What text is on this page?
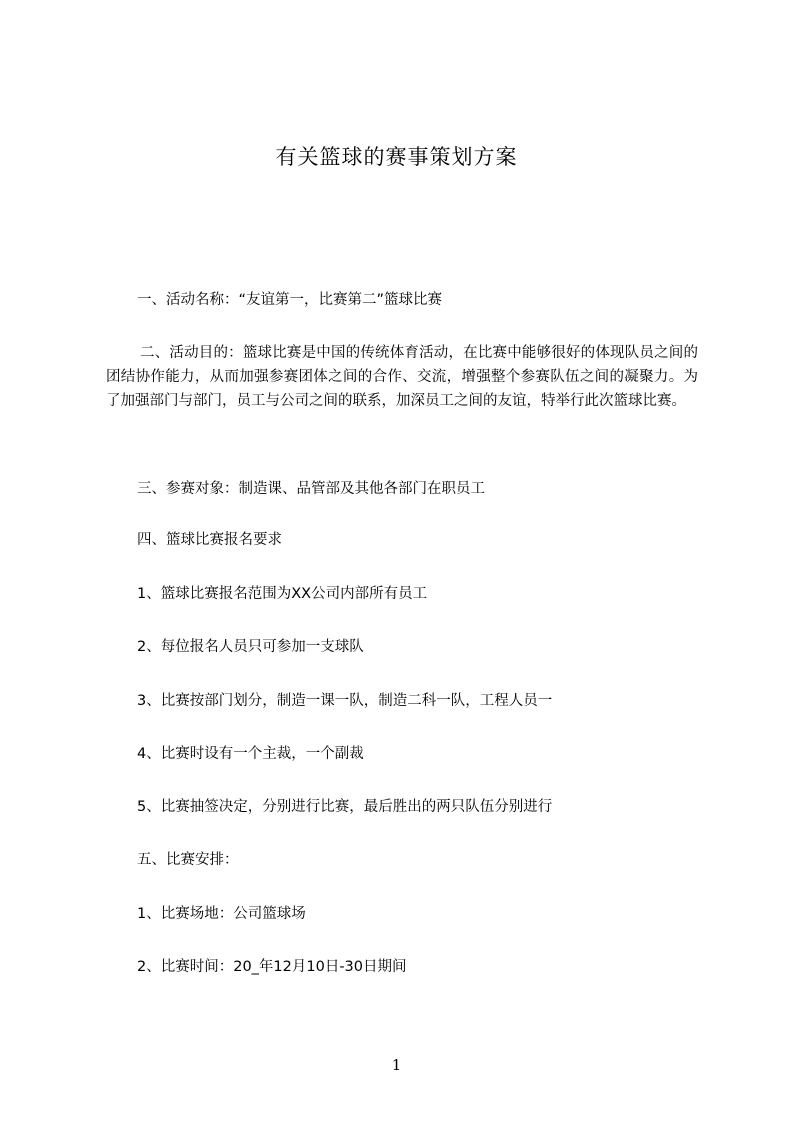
有关篮球的赛事策划方案
一、活动名称：“友谊第一，比赛第二”篮球比赛
二、活动目的：篮球比赛是中国的传统体育活动，在比赛中能够很好的体现队员之间的团结协作能力，从而加强参赛团体之间的合作、交流，增强整个参赛队伍之间的凝聚力。为了加强部门与部门，员工与公司之间的联系，加深员工之间的友谊，特举行此次篮球比赛。
三、参赛对象：制造课、品管部及其他各部门在职员工
四、篮球比赛报名要求
1、篮球比赛报名范围为XX公司内部所有员工
2、每位报名人员只可参加一支球队
3、比赛按部门划分，制造一课一队，制造二科一队，工程人员一
4、比赛时设有一个主裁，一个副裁
5、比赛抽签决定，分别进行比赛，最后胜出的两只队伍分别进行
五、比赛安排：
1、比赛场地：公司篮球场
2、比赛时间：20_年12月10日-30日期间
1
